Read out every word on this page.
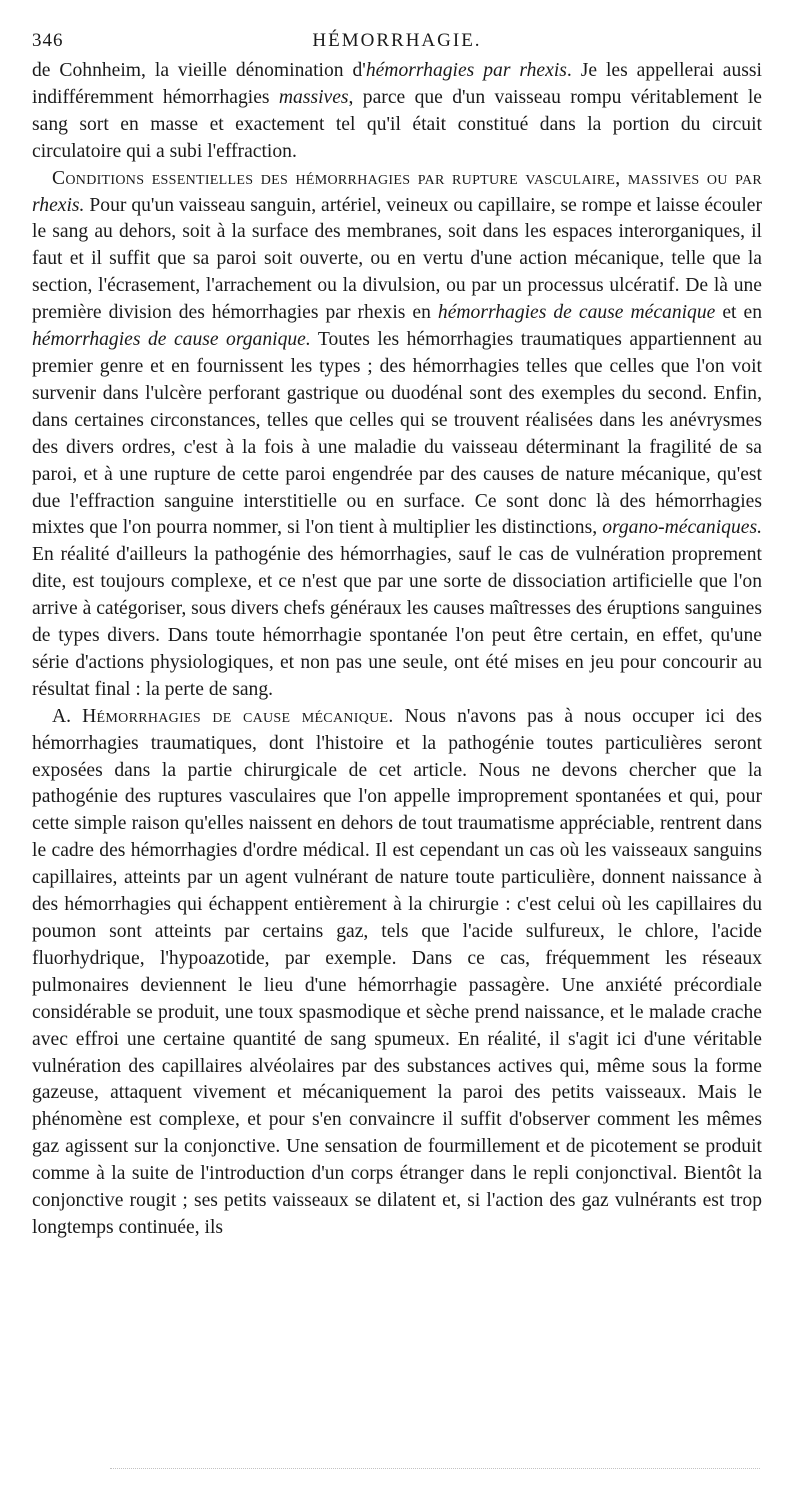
346	HÉMORRHAGIE.

de Cohnheim, la vieille dénomination d'hémorrhagies par rhexis. Je les appellerai aussi indifféremment hémorrhagies massives, parce que d'un vaisseau rompu véritablement le sang sort en masse et exactement tel qu'il était constitué dans la portion du circuit circulatoire qui a subi l'effraction.

Conditions essentielles des hémorrhagies par rupture vasculaire, massives ou par rhexis. Pour qu'un vaisseau sanguin, artériel, veineux ou capillaire, se rompe et laisse écouler le sang au dehors, soit à la surface des membranes, soit dans les espaces interorganiques, il faut et il suffit que sa paroi soit ouverte, ou en vertu d'une action mécanique, telle que la section, l'écrasement, l'arrachement ou la divulsion, ou par un processus ulcératif. De là une première division des hémorrhagies par rhexis en hémorrhagies de cause mécanique et en hémorrhagies de cause organique. Toutes les hémorrhagies traumatiques appartiennent au premier genre et en fournissent les types ; des hémorrhagies telles que celles que l'on voit survenir dans l'ulcère perforant gastrique ou duodénal sont des exemples du second. Enfin, dans certaines circonstances, telles que celles qui se trouvent réalisées dans les anévrysmes des divers ordres, c'est à la fois à une maladie du vaisseau déterminant la fragilité de sa paroi, et à une rupture de cette paroi engendrée par des causes de nature mécanique, qu'est due l'effraction sanguine interstitielle ou en surface. Ce sont donc là des hémorrhagies mixtes que l'on pourra nommer, si l'on tient à multiplier les distinctions, organo-mécaniques. En réalité d'ailleurs la pathogénie des hémorrhagies, sauf le cas de vulnération proprement dite, est toujours complexe, et ce n'est que par une sorte de dissociation artificielle que l'on arrive à catégoriser, sous divers chefs généraux les causes maîtresses des éruptions sanguines de types divers. Dans toute hémorrhagie spontanée l'on peut être certain, en effet, qu'une série d'actions physiologiques, et non pas une seule, ont été mises en jeu pour concourir au résultat final : la perte de sang.

A. Hémorrhagies de cause mécanique. Nous n'avons pas à nous occuper ici des hémorrhagies traumatiques, dont l'histoire et la pathogénie toutes particulières seront exposées dans la partie chirurgicale de cet article. Nous ne devons chercher que la pathogénie des ruptures vasculaires que l'on appelle improprement spontanées et qui, pour cette simple raison qu'elles naissent en dehors de tout traumatisme appréciable, rentrent dans le cadre des hémorrhagies d'ordre médical. Il est cependant un cas où les vaisseaux sanguins capillaires, atteints par un agent vulnérant de nature toute particulière, donnent naissance à des hémorrhagies qui échappent entièrement à la chirurgie : c'est celui où les capillaires du poumon sont atteints par certains gaz, tels que l'acide sulfureux, le chlore, l'acide fluorhydrique, l'hypoazotide, par exemple. Dans ce cas, fréquemment les réseaux pulmonaires deviennent le lieu d'une hémorrhagie passagère. Une anxiété précordiale considérable se produit, une toux spasmodique et sèche prend naissance, et le malade crache avec effroi une certaine quantité de sang spumeux. En réalité, il s'agit ici d'une véritable vulnération des capillaires alvéolaires par des substances actives qui, même sous la forme gazeuse, attaquent vivement et mécaniquement la paroi des petits vaisseaux. Mais le phénomène est complexe, et pour s'en convaincre il suffit d'observer comment les mêmes gaz agissent sur la conjonctive. Une sensation de fourmillement et de picotement se produit comme à la suite de l'introduction d'un corps étranger dans le repli conjonctival. Bientôt la conjonctive rougit ; ses petits vaisseaux se dilatent et, si l'action des gaz vulnérants est trop longtemps continuée, ils
